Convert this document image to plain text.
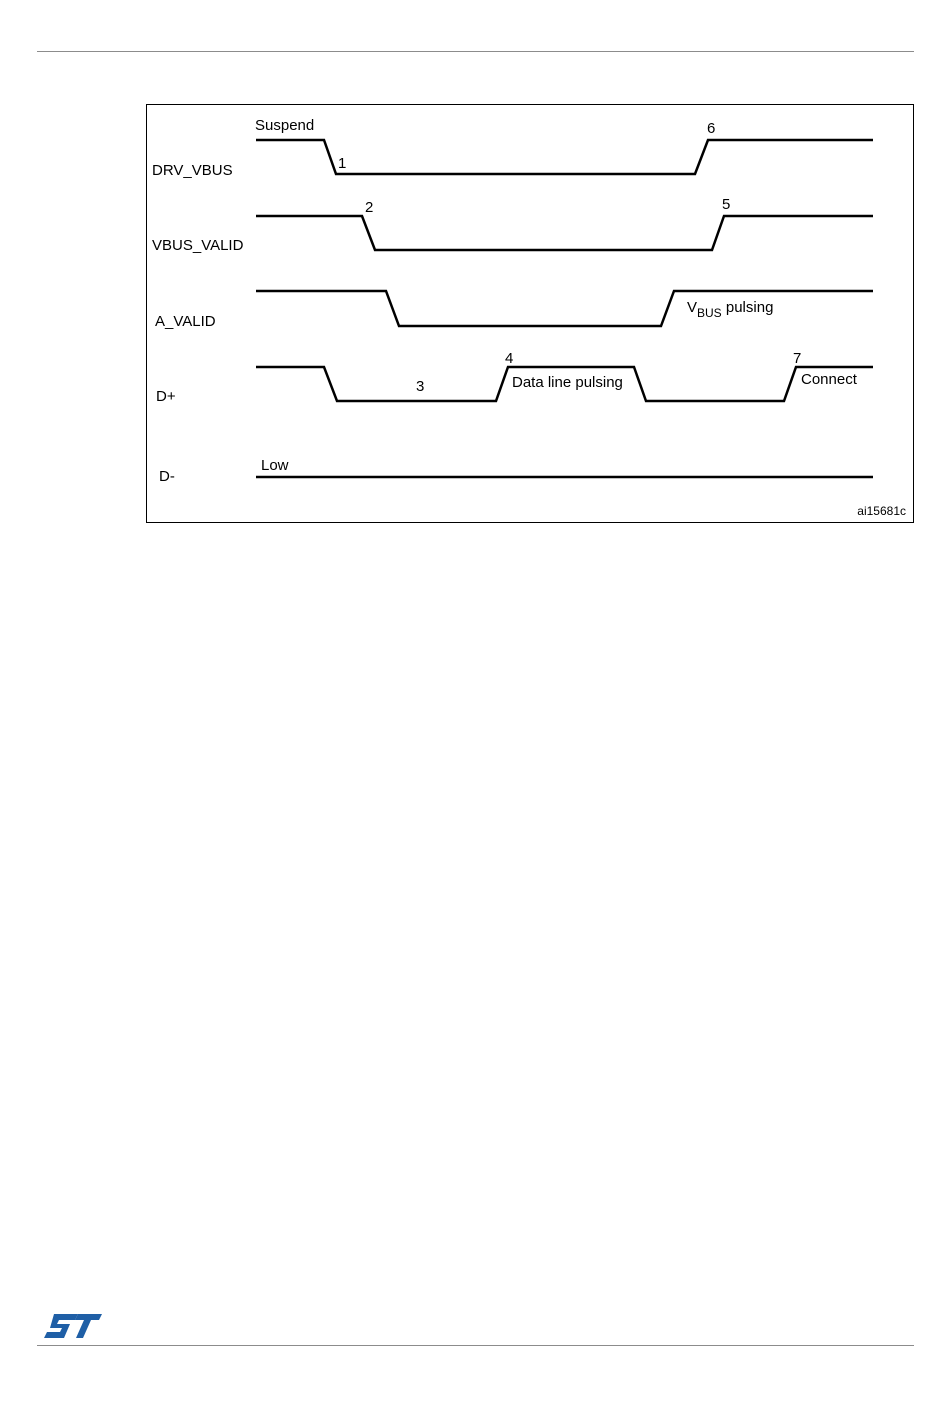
DRV_VBUS
VBUS_VALID
A_VALID
D+
D-
Suspend
1
2
3
4
5
6
7
$V_{BUS}$ pulsing
Data line pulsing	Connect
Low
ai15681c
ST
